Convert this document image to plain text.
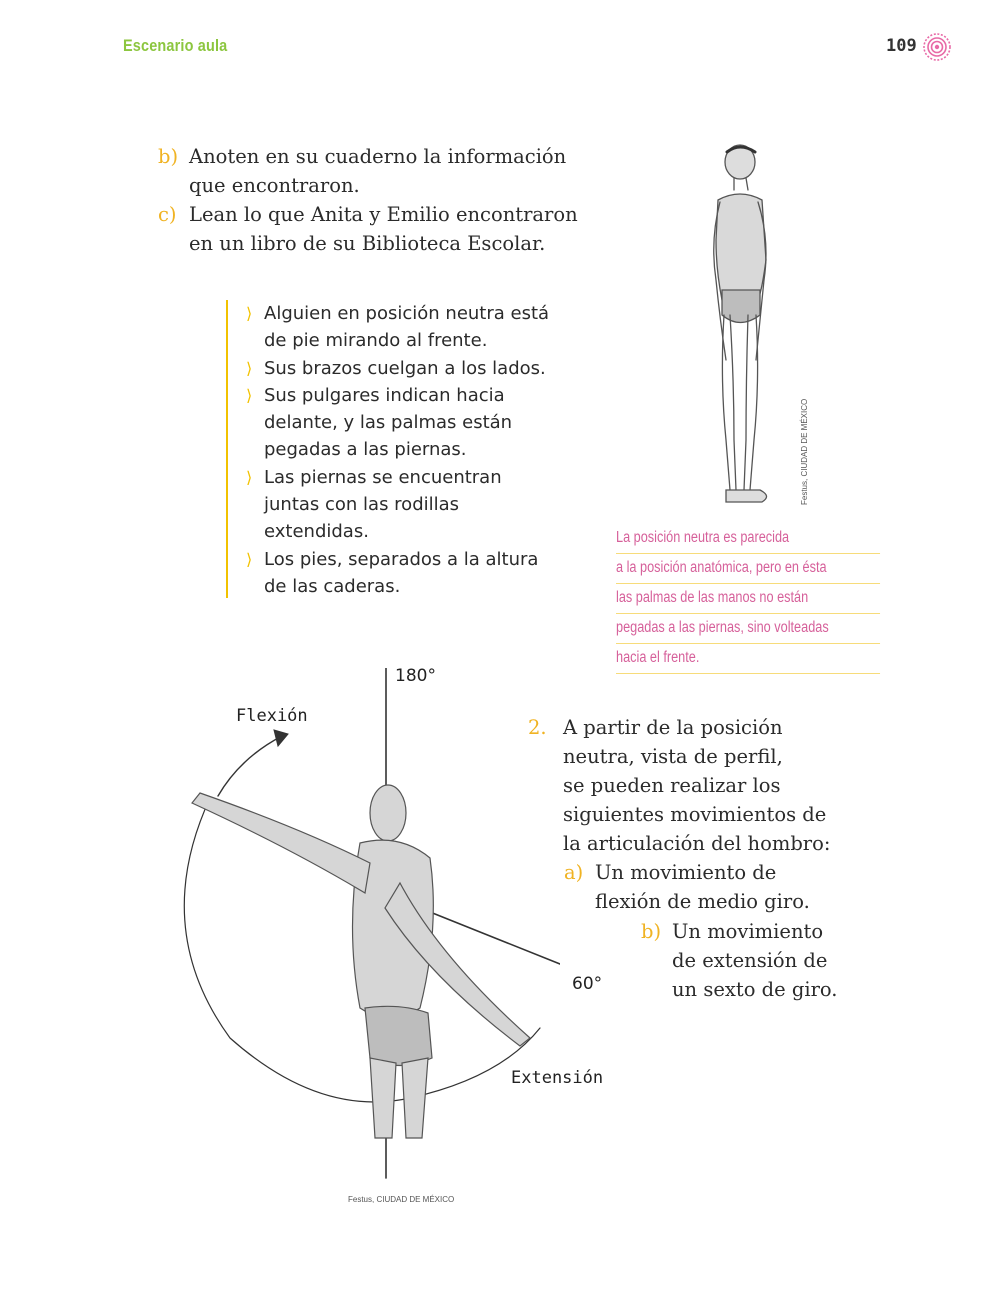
Escenario aula	109
b) Anoten en su cuaderno la información
que encontraron.
c) Lean lo que Anita y Emilio encontraron
en un libro de su Biblioteca Escolar.
⟩ Alguien en posición neutra está
de pie mirando al frente.
⟩ Sus brazos cuelgan a los lados.
⟩ Sus pulgares indican hacia
delante, y las palmas están
pegadas a las piernas.
⟩ Las piernas se encuentran
juntas con las rodillas
extendidas.
⟩ Los pies, separados a la altura
de las caderas.
Festus, CIUDAD DE MÉXICO
La posición neutra es parecida
a la posición anatómica, pero en ésta
las palmas de las manos no están
pegadas a las piernas, sino volteadas
hacia el frente.
180°
Flexión
60°
Extensión
Festus, CIUDAD DE MÉXICO
2. A partir de la posición
neutra, vista de perfil,
se pueden realizar los
siguientes movimientos de
la articulación del hombro:
a) Un movimiento de
flexión de medio giro.
b) Un movimiento
de extensión de
un sexto de giro.
